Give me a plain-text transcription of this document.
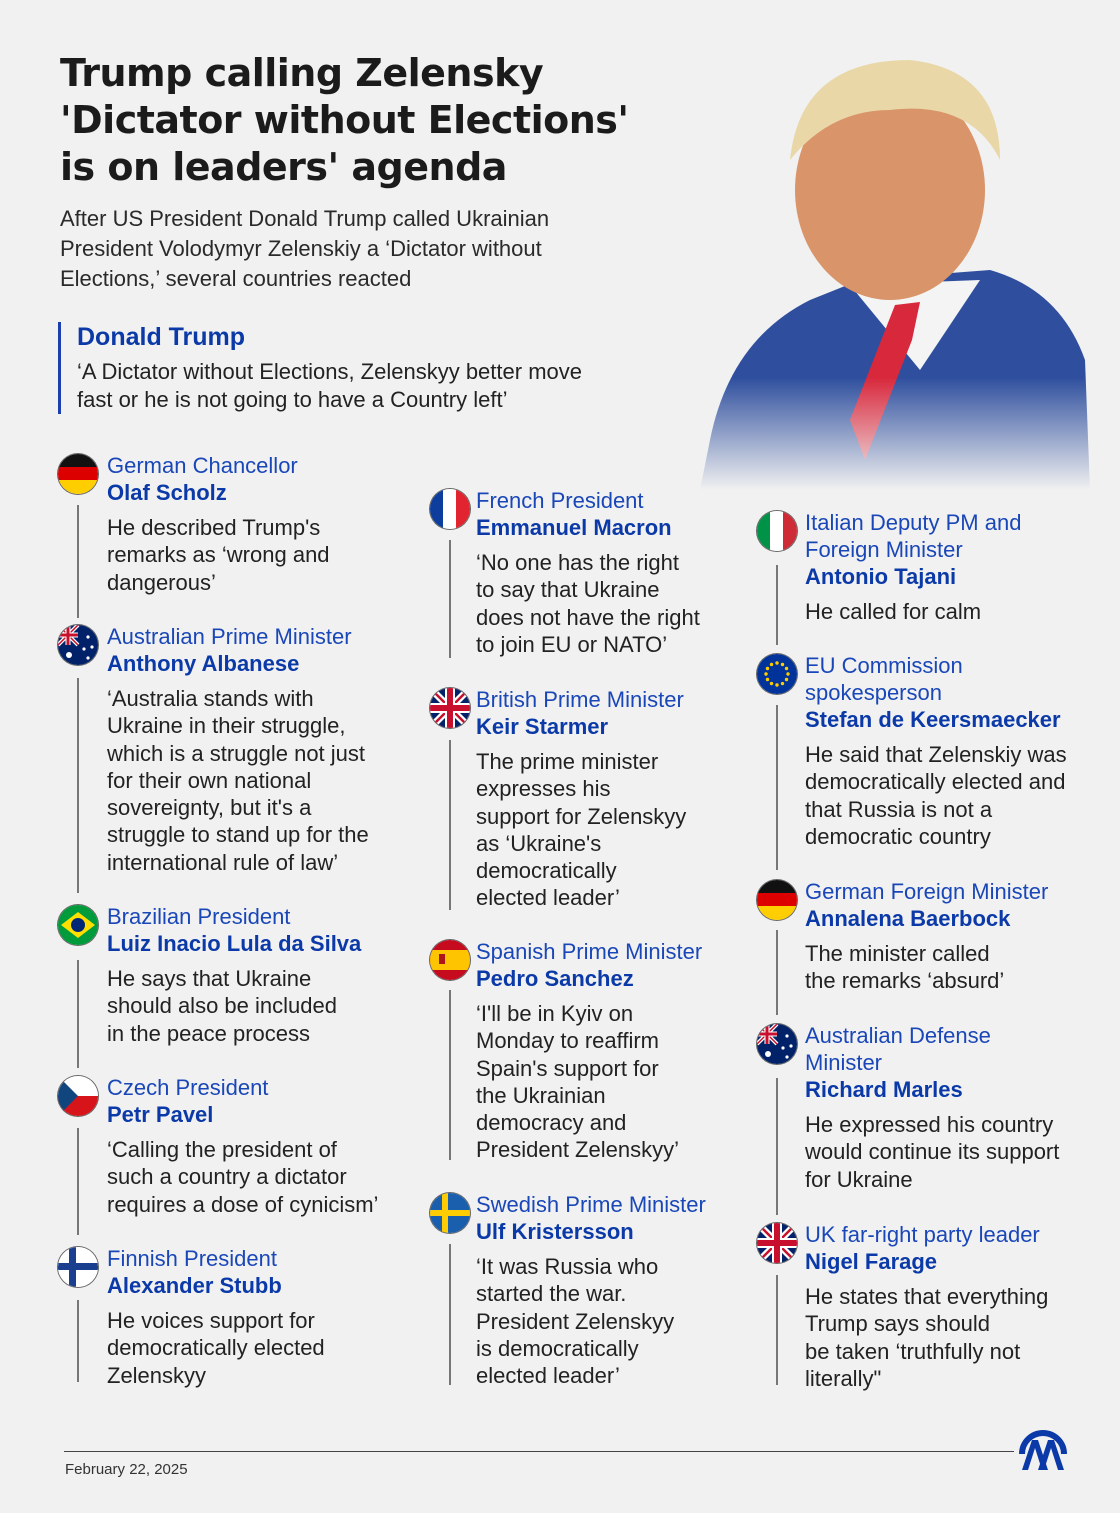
Trump calling Zelensky
'Dictator without Elections'
is on leaders' agenda
After US President Donald Trump called Ukrainian
President Volodymyr Zelenskiy a ‘Dictator without
Elections,’ several countries reacted
Donald Trump
‘A Dictator without Elections, Zelenskyy better move
fast or he is not going to have a Country left’
German Chancellor
Olaf Scholz
He described Trump's
remarks as ‘wrong and
dangerous’
Australian Prime Minister
Anthony Albanese
‘Australia stands with
Ukraine in their struggle,
which is a struggle not just
for their own national
sovereignty, but it's a
struggle to stand up for the
international rule of law’
Brazilian President
Luiz Inacio Lula da Silva
He says that Ukraine
should also be included
in the peace process
Czech President
Petr Pavel
‘Calling the president of
such a country a dictator
requires a dose of cynicism’
Finnish President
Alexander Stubb
He voices support for
democratically elected
Zelenskyy
French President
Emmanuel Macron
‘No one has the right
to say that Ukraine
does not have the right
to join EU or NATO’
British Prime Minister
Keir Starmer
The prime minister
expresses his
support for Zelenskyy
as ‘Ukraine's
democratically
elected leader’
Spanish Prime Minister
Pedro Sanchez
‘I'll be in Kyiv on
Monday to reaffirm
Spain's support for
the Ukrainian
democracy and
President Zelenskyy’
Swedish Prime Minister
Ulf Kristersson
‘It was Russia who
started the war.
President Zelenskyy
is democratically
elected leader’
Italian Deputy PM and
Foreign Minister
Antonio Tajani
He called for calm
EU Commission
spokesperson
Stefan de Keersmaecker
He said that Zelenskiy was
democratically elected and
that Russia is not a
democratic country
German Foreign Minister
Annalena Baerbock
The minister called
the remarks ‘absurd’
Australian Defense
Minister
Richard Marles
He expressed his country
would continue its support
for Ukraine
UK far-right party leader
Nigel Farage
He states that everything
Trump says should
be taken ‘truthfully not
literally"
February 22, 2025
